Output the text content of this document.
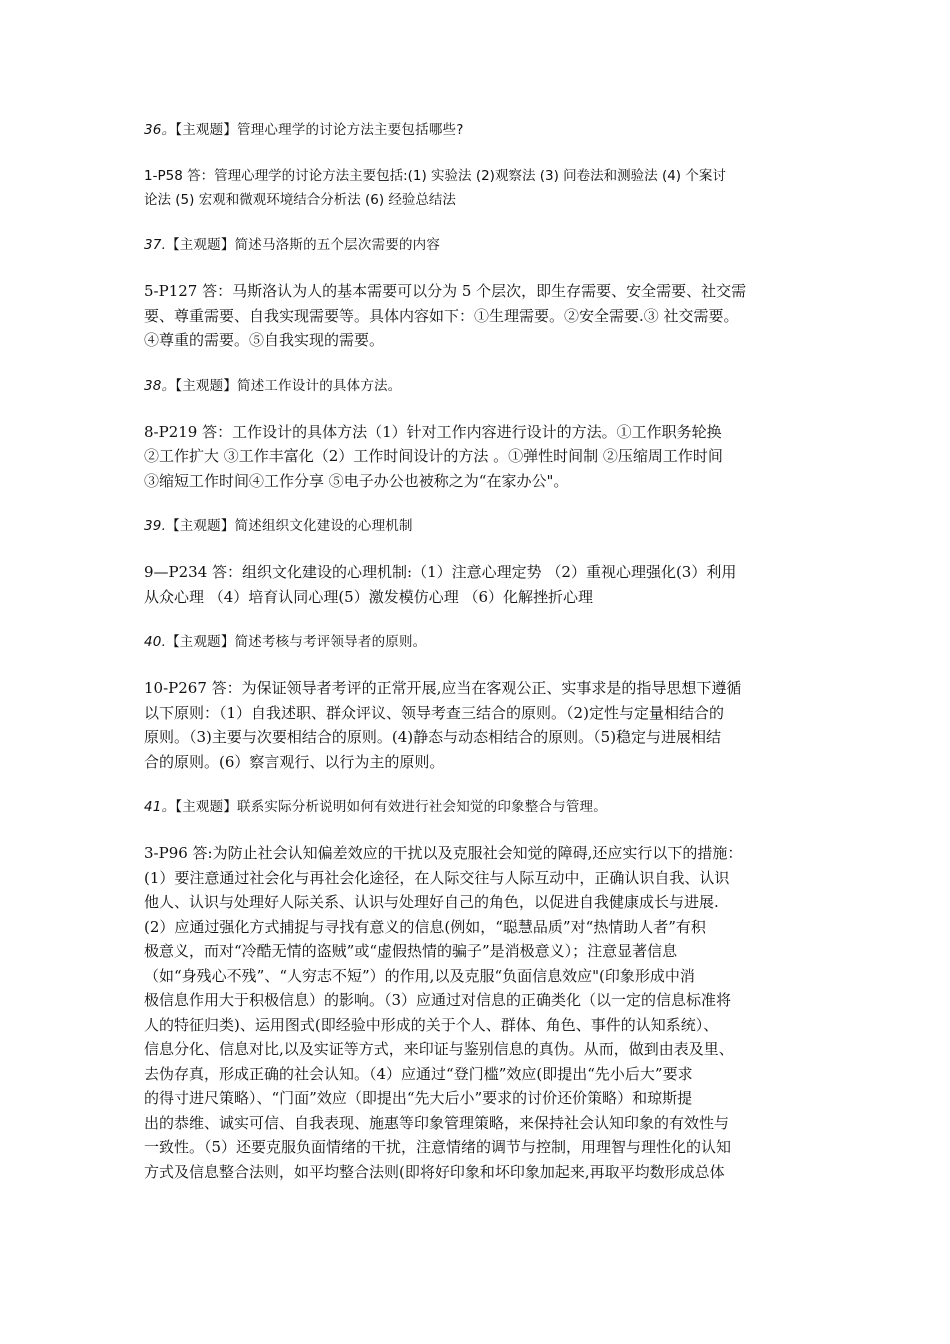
36。【主观题】管理心理学的讨论方法主要包括哪些?

1-P58 答：管理心理学的讨论方法主要包括:(1) 实验法 (2)观察法 (3) 问卷法和测验法 (4) 个案讨
论法 (5) 宏观和微观环境结合分析法 (6) 经验总结法

37.【主观题】简述马洛斯的五个层次需要的内容

5-P127 答：马斯洛认为人的基本需要可以分为 5 个层次，即生存需要、安全需要、社交需
要、尊重需要、自我实现需要等。具体内容如下：①生理需要。②安全需要.③ 社交需要。
④尊重的需要。⑤自我实现的需要。

38。【主观题】简述工作设计的具体方法。

8-P219 答：工作设计的具体方法（1）针对工作内容进行设计的方法。①工作职务轮换
②工作扩大 ③工作丰富化（2）工作时间设计的方法 。①弹性时间制 ②压缩周工作时间
③缩短工作时间④工作分享 ⑤电子办公也被称之为“在家办公"。

39.【主观题】简述组织文化建设的心理机制

9—P234 答：组织文化建设的心理机制:（1）注意心理定势 （2）重视心理强化(3）利用
从众心理 （4）培育认同心理(5）激发模仿心理 （6）化解挫折心理

40.【主观题】简述考核与考评领导者的原则。

10-P267 答：为保证领导者考评的正常开展,应当在客观公正、实事求是的指导思想下遵循
以下原则：（1）自我述职、群众评议、领导考查三结合的原则。（2)定性与定量相结合的
原则。（3)主要与次要相结合的原则。(4)静态与动态相结合的原则。（5)稳定与进展相结
合的原则。(6）察言观行、以行为主的原则。

41。【主观题】联系实际分析说明如何有效进行社会知觉的印象整合与管理。

3-P96 答:为防止社会认知偏差效应的干扰以及克服社会知觉的障碍,还应实行以下的措施：
(1）要注意通过社会化与再社会化途径，在人际交往与人际互动中，正确认识自我、认识
他人、认识与处理好人际关系、认识与处理好自己的角色，以促进自我健康成长与进展.
(2）应通过强化方式捕捉与寻找有意义的信息(例如，“聪慧品质”对“热情助人者”有积
极意义，而对“冷酷无情的盗贼”或“虚假热情的骗子”是消极意义）；注意显著信息
（如“身残心不残”、“人穷志不短”）的作用,以及克服“负面信息效应"(印象形成中消
极信息作用大于积极信息）的影响。（3）应通过对信息的正确类化（以一定的信息标准将
人的特征归类)、运用图式(即经验中形成的关于个人、群体、角色、事件的认知系统）、
信息分化、信息对比,以及实证等方式，来印证与鉴别信息的真伪。从而，做到由表及里、
去伪存真，形成正确的社会认知。（4）应通过“登门槛”效应(即提出“先小后大”要求
的得寸进尺策略）、“门面”效应（即提出“先大后小”要求的讨价还价策略）和琼斯提
出的恭维、诚实可信、自我表现、施惠等印象管理策略，来保持社会认知印象的有效性与
一致性。（5）还要克服负面情绪的干扰，注意情绪的调节与控制，用理智与理性化的认知
方式及信息整合法则，如平均整合法则(即将好印象和坏印象加起来,再取平均数形成总体
